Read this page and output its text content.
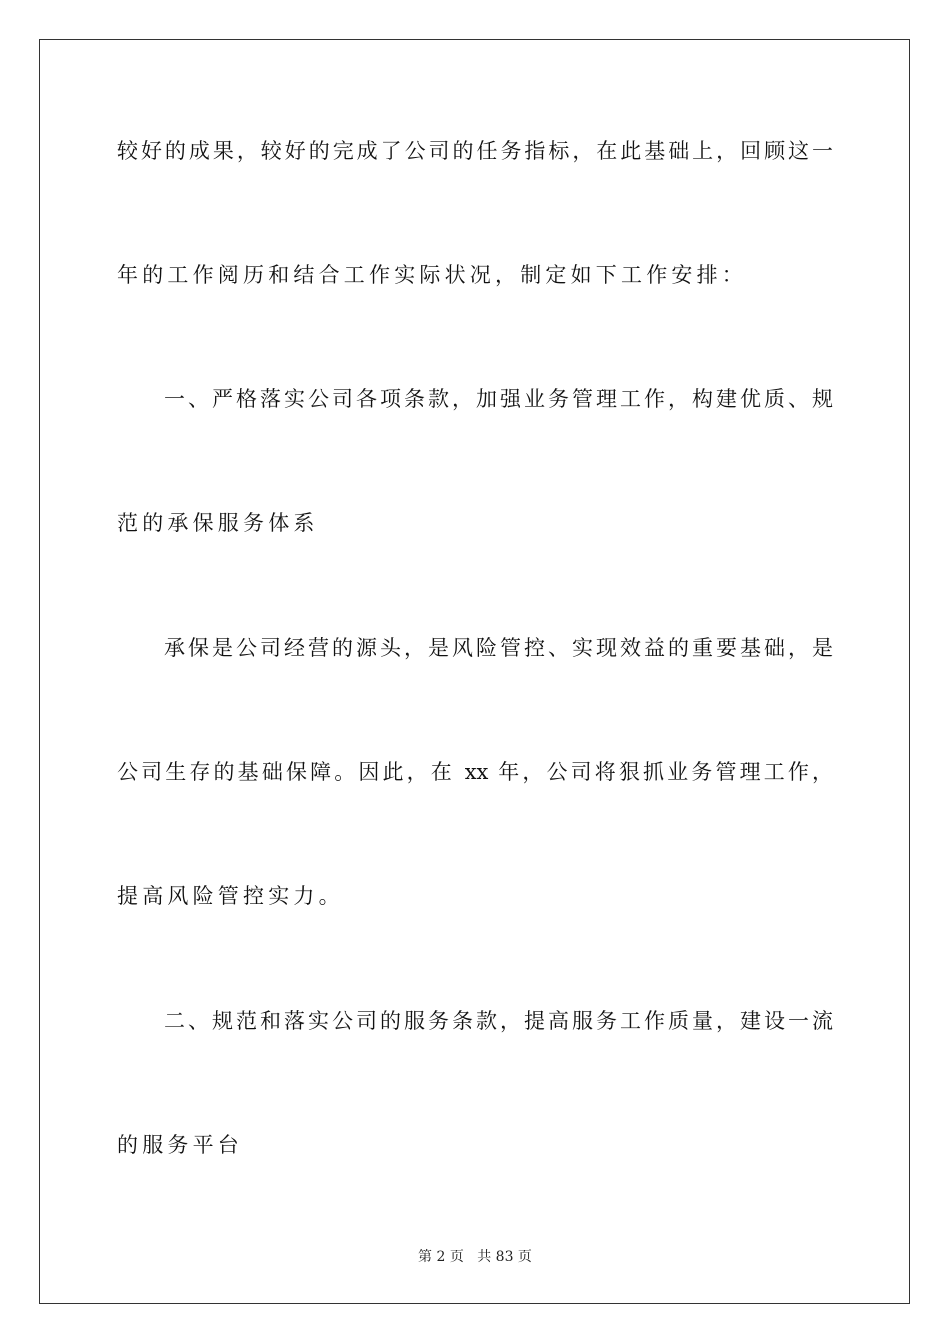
较好的成果，较好的完成了公司的任务指标，在此基础上，回顾这一
年的工作阅历和结合工作实际状况，制定如下工作安排：
一、严格落实公司各项条款，加强业务管理工作，构建优质、规
范的承保服务体系
承保是公司经营的源头，是风险管控、实现效益的重要基础，是
公司生存的基础保障。因此，在 xx 年，公司将狠抓业务管理工作，
提高风险管控实力。
二、规范和落实公司的服务条款，提高服务工作质量，建设一流
的服务平台
第 2 页 共 83 页
